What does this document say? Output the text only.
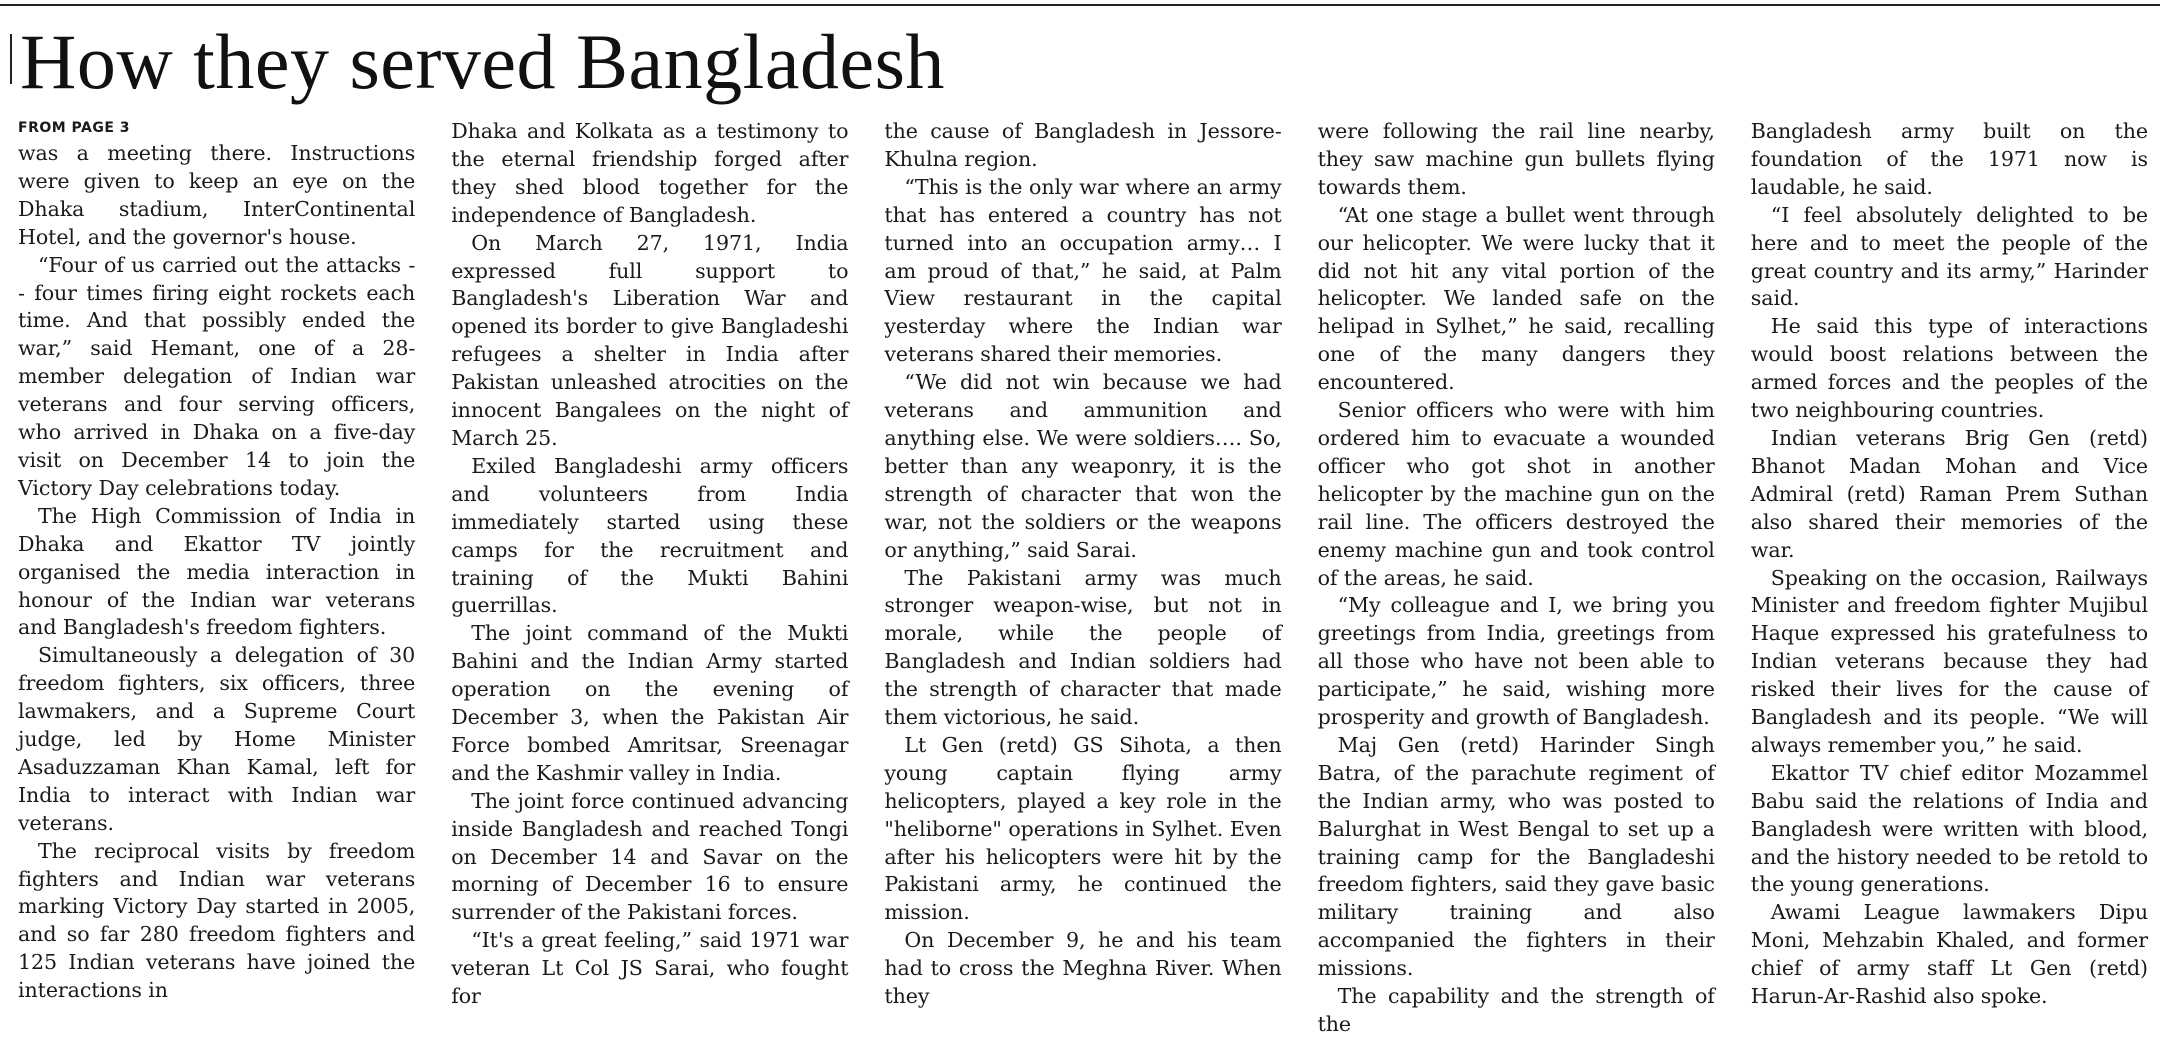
How they served Bangladesh
FROM PAGE 3

was a meeting there. Instructions were given to keep an eye on the Dhaka stadium, InterContinental Hotel, and the governor's house.

“Four of us carried out the attacks -- four times firing eight rockets each time. And that possibly ended the war,” said Hemant, one of a 28-member delegation of Indian war veterans and four serving officers, who arrived in Dhaka on a five-day visit on December 14 to join the Victory Day celebrations today.

The High Commission of India in Dhaka and Ekattor TV jointly organised the media interaction in honour of the Indian war veterans and Bangladesh's freedom fighters.

Simultaneously a delegation of 30 freedom fighters, six officers, three lawmakers, and a Supreme Court judge, led by Home Minister Asaduzzaman Khan Kamal, left for India to interact with Indian war veterans.

The reciprocal visits by freedom fighters and Indian war veterans marking Victory Day started in 2005, and so far 280 freedom fighters and 125 Indian veterans have joined the interactions in

Dhaka and Kolkata as a testimony to the eternal friendship forged after they shed blood together for the independence of Bangladesh.

On March 27, 1971, India expressed full support to Bangladesh's Liberation War and opened its border to give Bangladeshi refugees a shelter in India after Pakistan unleashed atrocities on the innocent Bangalees on the night of March 25.

Exiled Bangladeshi army officers and volunteers from India immediately started using these camps for the recruitment and training of the Mukti Bahini guerrillas.

The joint command of the Mukti Bahini and the Indian Army started operation on the evening of December 3, when the Pakistan Air Force bombed Amritsar, Sreenagar and the Kashmir valley in India.

The joint force continued advancing inside Bangladesh and reached Tongi on December 14 and Savar on the morning of December 16 to ensure surrender of the Pakistani forces.

“It's a great feeling,” said 1971 war veteran Lt Col JS Sarai, who fought for

the cause of Bangladesh in Jessore-Khulna region.

“This is the only war where an army that has entered a country has not turned into an occupation army… I am proud of that,” he said, at Palm View restaurant in the capital yesterday where the Indian war veterans shared their memories.

“We did not win because we had veterans and ammunition and anything else. We were soldiers…. So, better than any weaponry, it is the strength of character that won the war, not the soldiers or the weapons or anything,” said Sarai.

The Pakistani army was much stronger weapon-wise, but not in morale, while the people of Bangladesh and Indian soldiers had the strength of character that made them victorious, he said.

Lt Gen (retd) GS Sihota, a then young captain flying army helicopters, played a key role in the "heliborne" operations in Sylhet. Even after his helicopters were hit by the Pakistani army, he continued the mission.

On December 9, he and his team had to cross the Meghna River. When they

were following the rail line nearby, they saw machine gun bullets flying towards them.

“At one stage a bullet went through our helicopter. We were lucky that it did not hit any vital portion of the helicopter. We landed safe on the helipad in Sylhet,” he said, recalling one of the many dangers they encountered.

Senior officers who were with him ordered him to evacuate a wounded officer who got shot in another helicopter by the machine gun on the rail line. The officers destroyed the enemy machine gun and took control of the areas, he said.

“My colleague and I, we bring you greetings from India, greetings from all those who have not been able to participate,” he said, wishing more prosperity and growth of Bangladesh.

Maj Gen (retd) Harinder Singh Batra, of the parachute regiment of the Indian army, who was posted to Balurghat in West Bengal to set up a training camp for the Bangladeshi freedom fighters, said they gave basic military training and also accompanied the fighters in their missions.

The capability and the strength of the

Bangladesh army built on the foundation of the 1971 now is laudable, he said.

“I feel absolutely delighted to be here and to meet the people of the great country and its army,” Harinder said.

He said this type of interactions would boost relations between the armed forces and the peoples of the two neighbouring countries.

Indian veterans Brig Gen (retd) Bhanot Madan Mohan and Vice Admiral (retd) Raman Prem Suthan also shared their memories of the war.

Speaking on the occasion, Railways Minister and freedom fighter Mujibul Haque expressed his gratefulness to Indian veterans because they had risked their lives for the cause of Bangladesh and its people. “We will always remember you,” he said.

Ekattor TV chief editor Mozammel Babu said the relations of India and Bangladesh were written with blood, and the history needed to be retold to the young generations.

Awami League lawmakers Dipu Moni, Mehzabin Khaled, and former chief of army staff Lt Gen (retd) Harun-Ar-Rashid also spoke.
